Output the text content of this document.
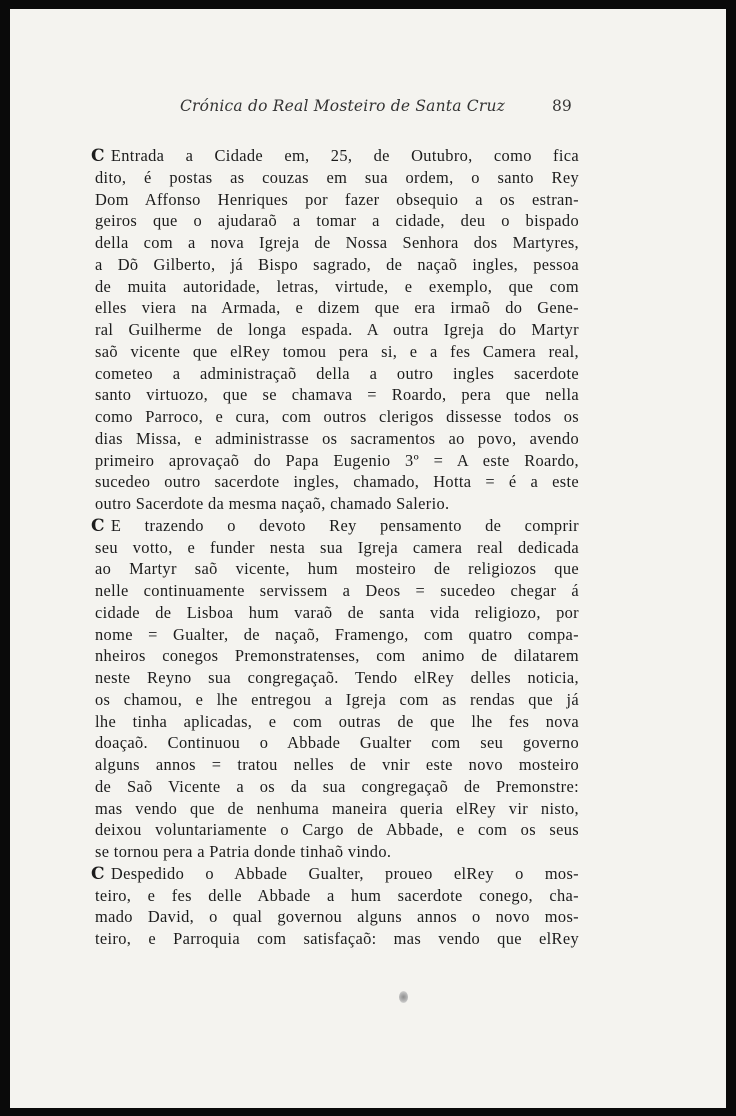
Crónica do Real Mosteiro de Santa Cruz	89
C Entrada a Cidade em, 25, de Outubro, como fica
dito, é postas as couzas em sua ordem, o santo Rey
Dom Affonso Henriques por fazer obsequio a os estran-
geiros que o ajudaraõ a tomar a cidade, deu o bispado
della com a nova Igreja de Nossa Senhora dos Martyres,
a Dõ Gilberto, já Bispo sagrado, de naçaõ ingles, pessoa
de muita autoridade, letras, virtude, e exemplo, que com
elles viera na Armada, e dizem que era irmaõ do Gene-
ral Guilherme de longa espada. A outra Igreja do Martyr
saõ vicente que elRey tomou pera si, e a fes Camera real,
cometeo a administraçaõ della a outro ingles sacerdote
santo virtuozo, que se chamava = Roardo, pera que nella
como Parroco, e cura, com outros clerigos dissesse todos os
dias Missa, e administrasse os sacramentos ao povo, avendo
primeiro aprovaçaõ do Papa Eugenio 3º = A este Roardo,
sucedeo outro sacerdote ingles, chamado, Hotta = é a este
outro Sacerdote da mesma naçaõ, chamado Salerio.
C E trazendo o devoto Rey pensamento de comprir
seu votto, e funder nesta sua Igreja camera real dedicada
ao Martyr saõ vicente, hum mosteiro de religiozos que
nelle continuamente servissem a Deos = sucedeo chegar á
cidade de Lisboa hum varaõ de santa vida religiozo, por
nome = Gualter, de naçaõ, Framengo, com quatro compa-
nheiros conegos Premonstratenses, com animo de dilatarem
neste Reyno sua congregaçaõ. Tendo elRey delles noticia,
os chamou, e lhe entregou a Igreja com as rendas que já
lhe tinha aplicadas, e com outras de que lhe fes nova
doaçaõ. Continuou o Abbade Gualter com seu governo
alguns annos = tratou nelles de vnir este novo mosteiro
de Saõ Vicente a os da sua congregaçaõ de Premonstre:
mas vendo que de nenhuma maneira queria elRey vir nisto,
deixou voluntariamente o Cargo de Abbade, e com os seus
se tornou pera a Patria donde tinhaõ vindo.
C Despedido o Abbade Gualter, proueo elRey o mos-
teiro, e fes delle Abbade a hum sacerdote conego, cha-
mado David, o qual governou alguns annos o novo mos-
teiro, e Parroquia com satisfaçaõ: mas vendo que elRey
